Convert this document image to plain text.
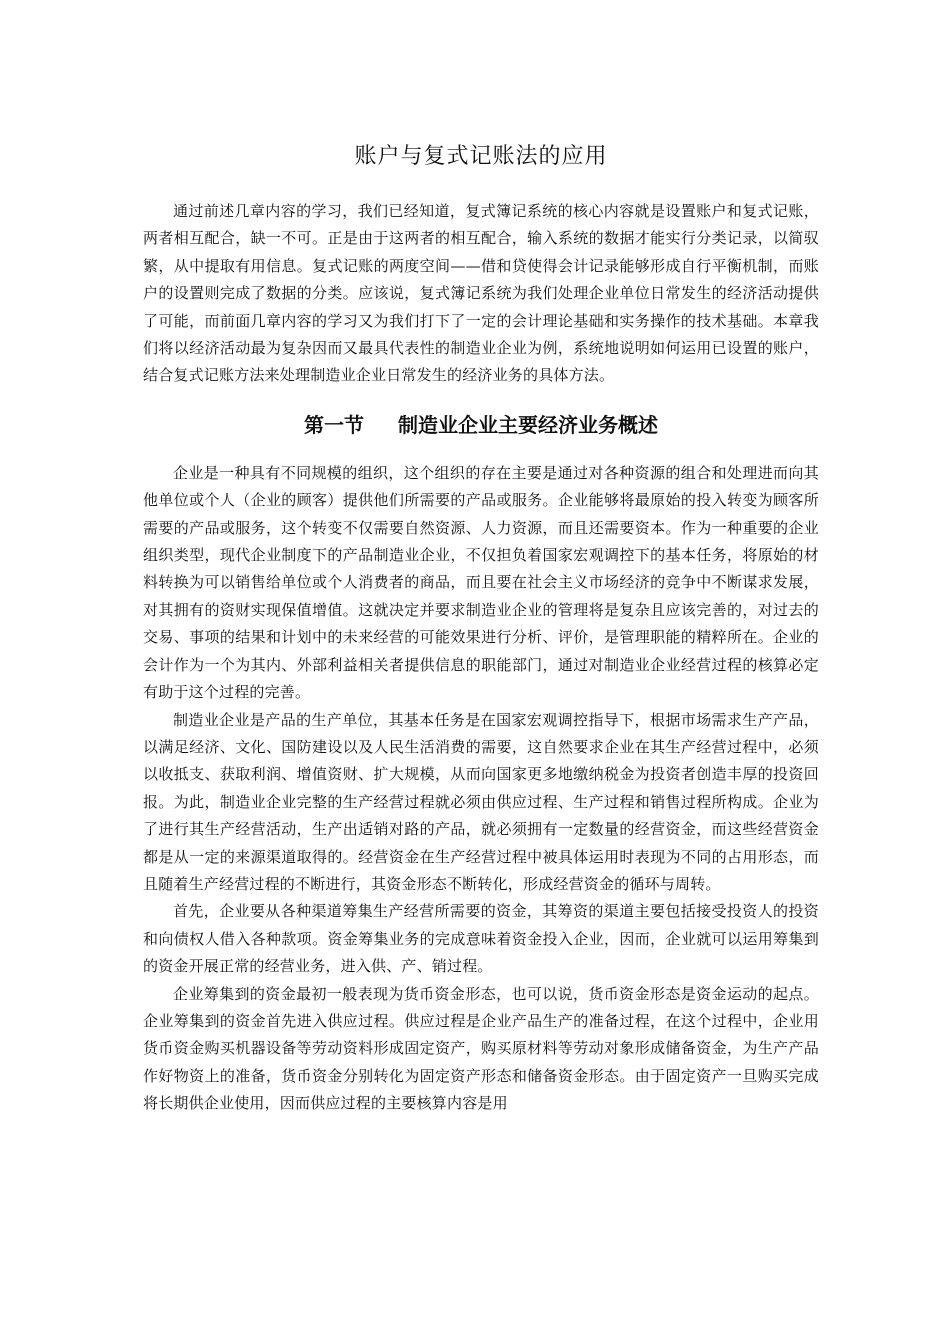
账户与复式记账法的应用

通过前述几章内容的学习，我们已经知道，复式簿记系统的核心内容就是设置账户和复式记账，两者相互配合，缺一不可。正是由于这两者的相互配合，输入系统的数据才能实行分类记录，以简驭繁，从中提取有用信息。复式记账的两度空间——借和贷使得会计记录能够形成自行平衡机制，而账户的设置则完成了数据的分类。应该说，复式簿记系统为我们处理企业单位日常发生的经济活动提供了可能，而前面几章内容的学习又为我们打下了一定的会计理论基础和实务操作的技术基础。本章我们将以经济活动最为复杂因而又最具代表性的制造业企业为例，系统地说明如何运用已设置的账户，结合复式记账方法来处理制造业企业日常发生的经济业务的具体方法。

第一节 制造业企业主要经济业务概述

企业是一种具有不同规模的组织，这个组织的存在主要是通过对各种资源的组合和处理进而向其他单位或个人（企业的顾客）提供他们所需要的产品或服务。企业能够将最原始的投入转变为顾客所需要的产品或服务，这个转变不仅需要自然资源、人力资源，而且还需要资本。作为一种重要的企业组织类型，现代企业制度下的产品制造业企业，不仅担负着国家宏观调控下的基本任务，将原始的材料转换为可以销售给单位或个人消费者的商品，而且要在社会主义市场经济的竞争中不断谋求发展，对其拥有的资财实现保值增值。这就决定并要求制造业企业的管理将是复杂且应该完善的，对过去的交易、事项的结果和计划中的未来经营的可能效果进行分析、评价，是管理职能的精粹所在。企业的会计作为一个为其内、外部利益相关者提供信息的职能部门，通过对制造业企业经营过程的核算必定有助于这个过程的完善。

制造业企业是产品的生产单位，其基本任务是在国家宏观调控指导下，根据市场需求生产产品，以满足经济、文化、国防建设以及人民生活消费的需要，这自然要求企业在其生产经营过程中，必须以收抵支、获取利润、增值资财、扩大规模，从而向国家更多地缴纳税金为投资者创造丰厚的投资回报。为此，制造业企业完整的生产经营过程就必须由供应过程、生产过程和销售过程所构成。企业为了进行其生产经营活动，生产出适销对路的产品，就必须拥有一定数量的经营资金，而这些经营资金都是从一定的来源渠道取得的。经营资金在生产经营过程中被具体运用时表现为不同的占用形态，而且随着生产经营过程的不断进行，其资金形态不断转化，形成经营资金的循环与周转。

首先，企业要从各种渠道筹集生产经营所需要的资金，其筹资的渠道主要包括接受投资人的投资和向债权人借入各种款项。资金筹集业务的完成意味着资金投入企业，因而，企业就可以运用筹集到的资金开展正常的经营业务，进入供、产、销过程。

企业筹集到的资金最初一般表现为货币资金形态，也可以说，货币资金形态是资金运动的起点。企业筹集到的资金首先进入供应过程。供应过程是企业产品生产的准备过程，在这个过程中，企业用货币资金购买机器设备等劳动资料形成固定资产，购买原材料等劳动对象形成储备资金，为生产产品作好物资上的准备，货币资金分别转化为固定资产形态和储备资金形态。由于固定资产一旦购买完成将长期供企业使用，因而供应过程的主要核算内容是用
